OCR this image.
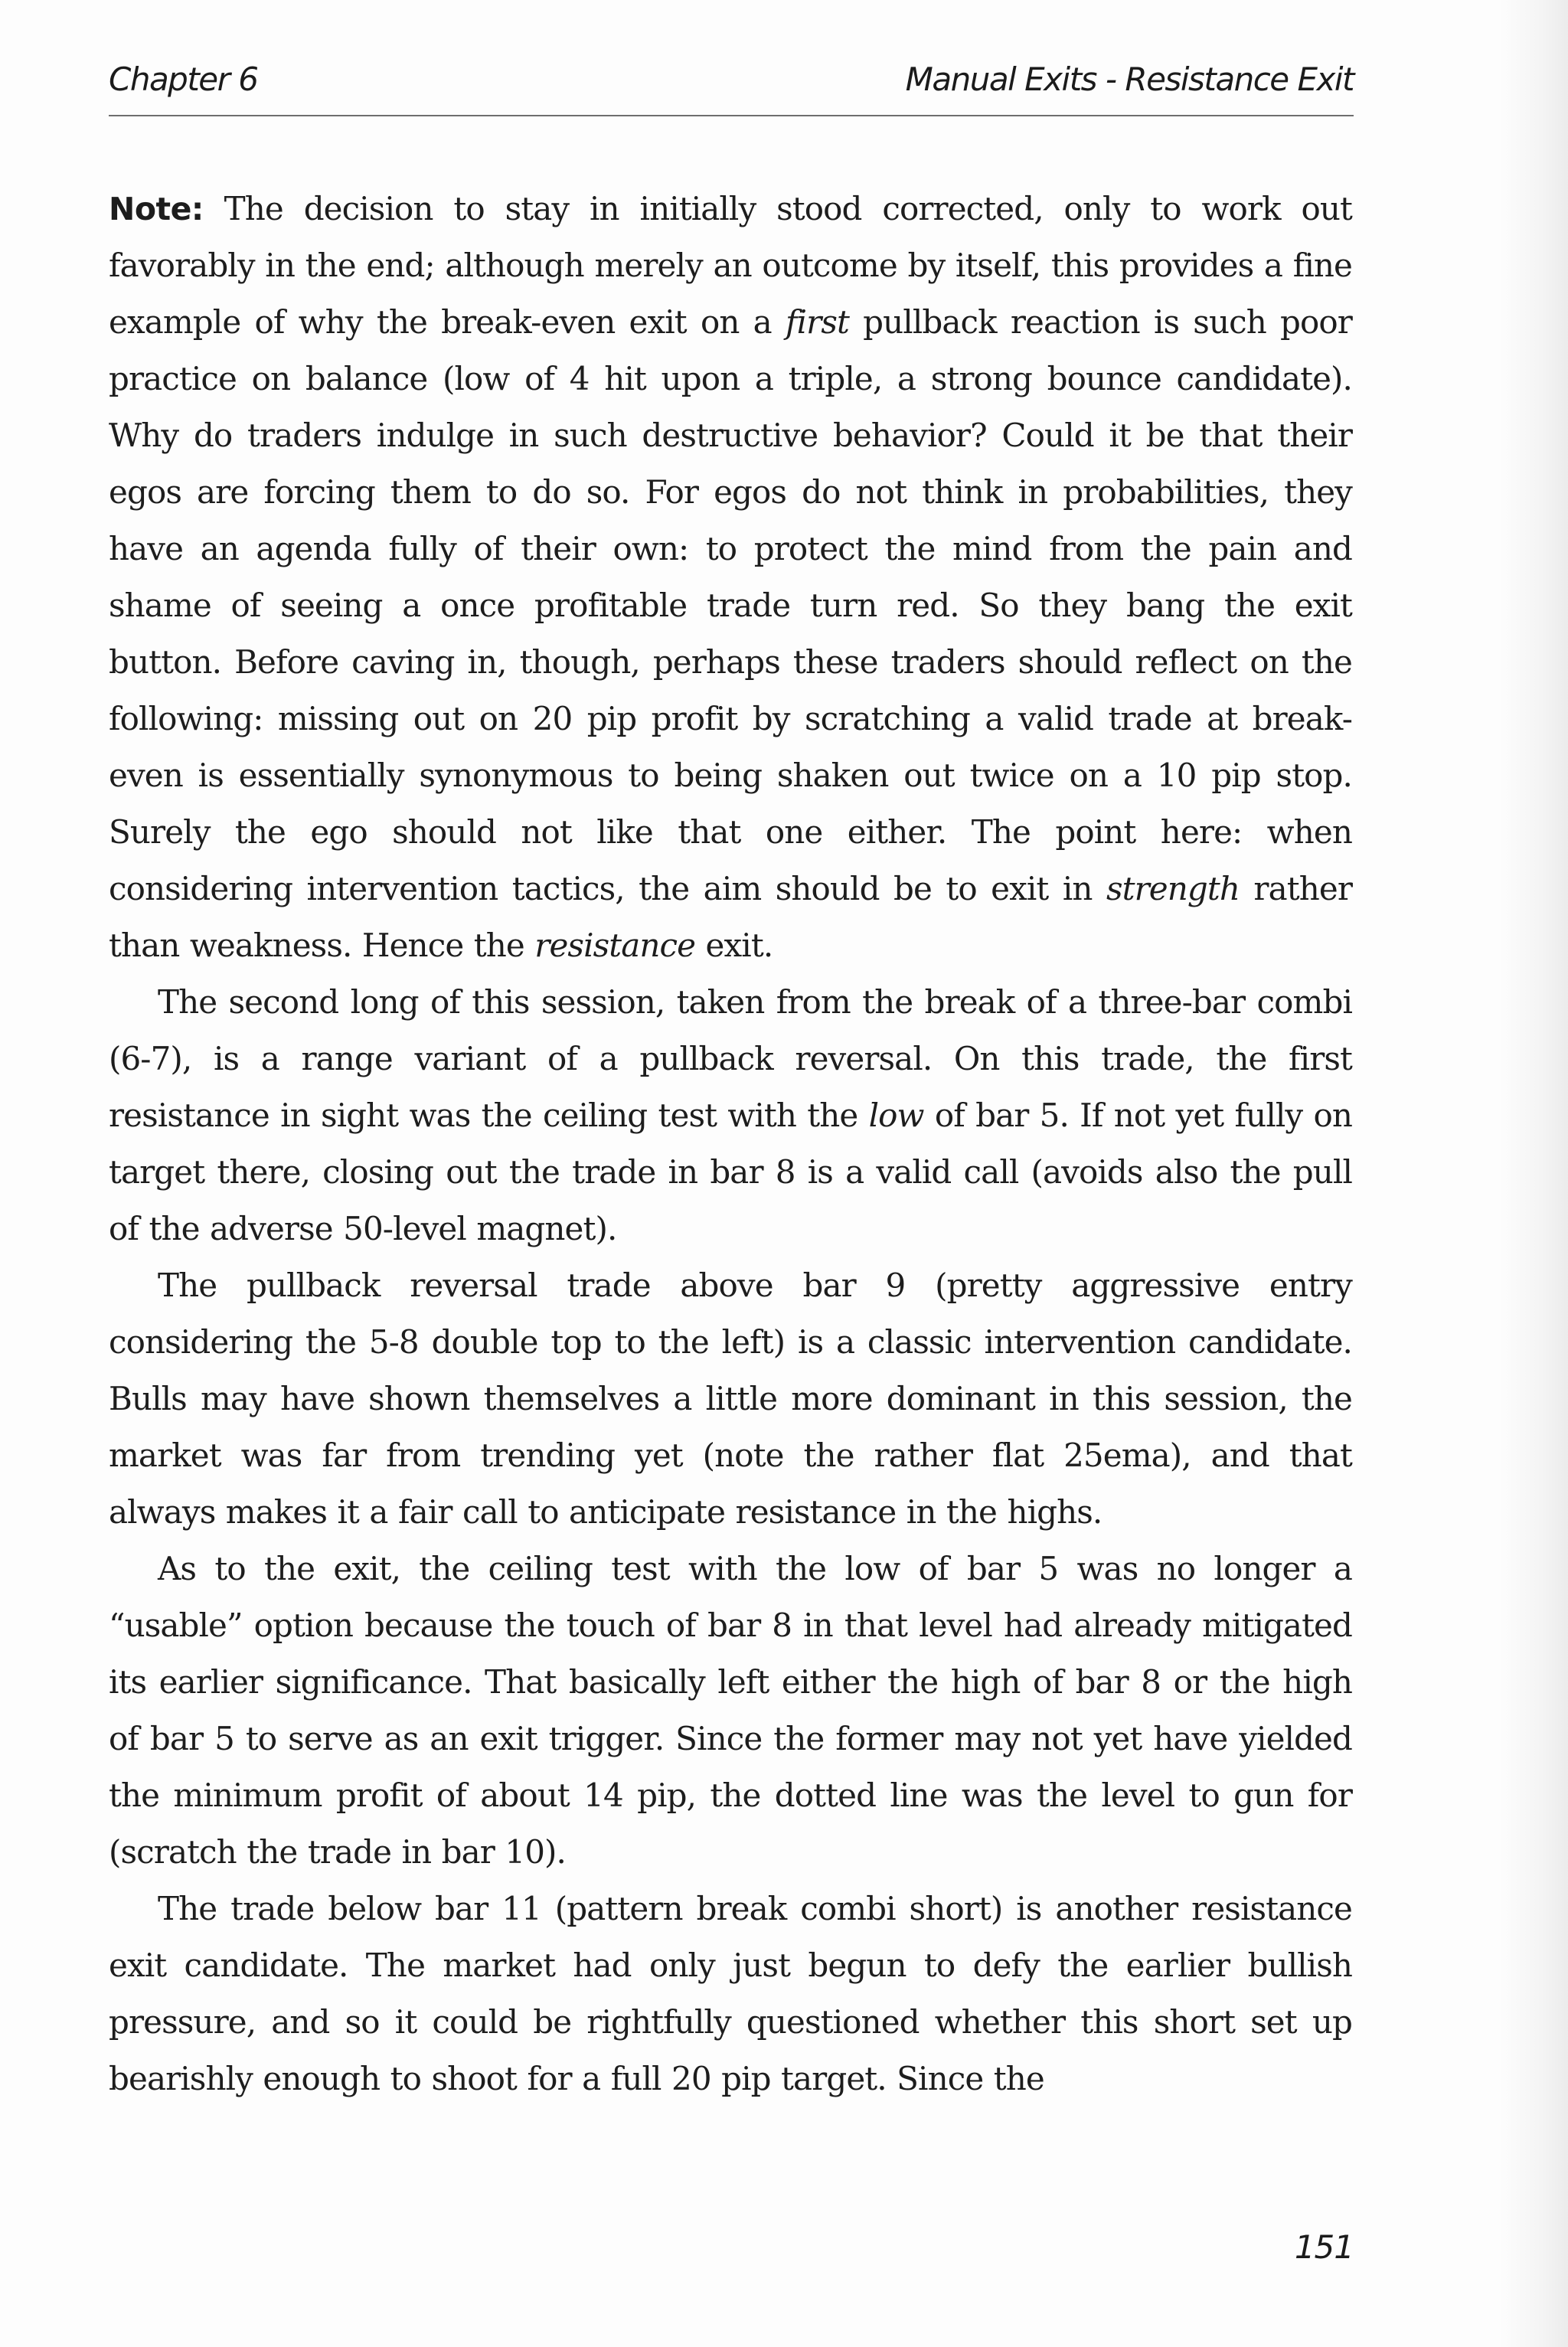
Chapter 6	Manual Exits - Resistance Exit

Note: The decision to stay in initially stood corrected, only to work out favorably in the end; although merely an outcome by itself, this provides a fine example of why the break-even exit on a first pullback reaction is such poor practice on balance (low of 4 hit upon a triple, a strong bounce candidate). Why do traders indulge in such destructive behavior? Could it be that their egos are forcing them to do so. For egos do not think in probabilities, they have an agenda fully of their own: to protect the mind from the pain and shame of seeing a once profitable trade turn red. So they bang the exit button. Before caving in, though, perhaps these traders should reflect on the following: missing out on 20 pip profit by scratching a valid trade at break-even is essentially synonymous to being shaken out twice on a 10 pip stop. Surely the ego should not like that one either. The point here: when considering intervention tactics, the aim should be to exit in strength rather than weakness. Hence the resistance exit.

The second long of this session, taken from the break of a three-bar combi (6-7), is a range variant of a pullback reversal. On this trade, the first resistance in sight was the ceiling test with the low of bar 5. If not yet fully on target there, closing out the trade in bar 8 is a valid call (avoids also the pull of the adverse 50-level magnet).

The pullback reversal trade above bar 9 (pretty aggressive entry considering the 5-8 double top to the left) is a classic intervention candidate. Bulls may have shown themselves a little more dominant in this session, the market was far from trending yet (note the rather flat 25ema), and that always makes it a fair call to anticipate resistance in the highs.

As to the exit, the ceiling test with the low of bar 5 was no longer a “usable” option because the touch of bar 8 in that level had already mitigated its earlier significance. That basically left either the high of bar 8 or the high of bar 5 to serve as an exit trigger. Since the former may not yet have yielded the minimum profit of about 14 pip, the dotted line was the level to gun for (scratch the trade in bar 10).

The trade below bar 11 (pattern break combi short) is another resistance exit candidate. The market had only just begun to defy the earlier bullish pressure, and so it could be rightfully questioned whether this short set up bearishly enough to shoot for a full 20 pip target. Since the

151
